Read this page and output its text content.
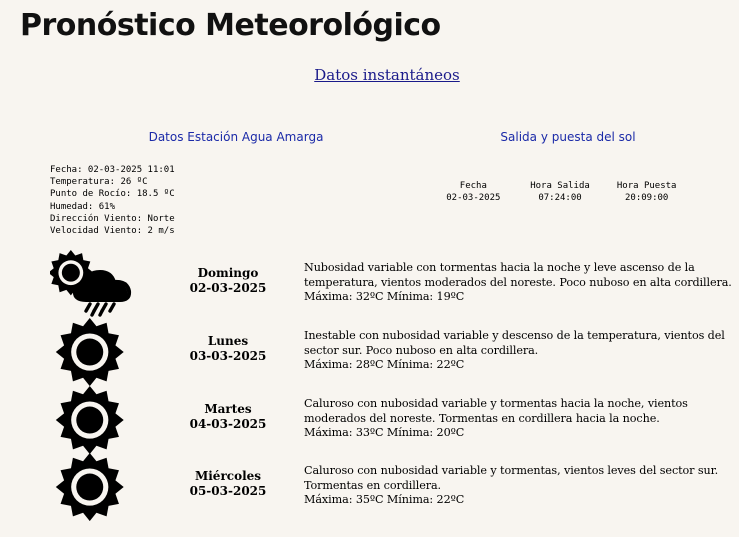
Pronóstico Meteorológico
Datos instantáneos
Datos Estación Agua Amarga	Salida y puesta del sol
Fecha: 02-03-2025 11:01
Temperatura: 26 ºC
Punto de Rocío: 18.5 ºC
Humedad: 61%
Dirección Viento: Norte
Velocidad Viento: 2 m/s
Fecha
02-03-2025
Hora Salida
07:24:00
Hora Puesta
20:09:00
Domingo
02-03-2025
Nubosidad variable con tormentas hacia la noche y leve ascenso de la temperatura, vientos moderados del noreste. Poco nuboso en alta cordillera.
Máxima: 32ºC Mínima: 19ºC
Lunes
03-03-2025
Inestable con nubosidad variable y descenso de la temperatura, vientos del sector sur. Poco nuboso en alta cordillera.
Máxima: 28ºC Mínima: 22ºC
Martes
04-03-2025
Caluroso con nubosidad variable y tormentas hacia la noche, vientos moderados del noreste. Tormentas en cordillera hacia la noche.
Máxima: 33ºC Mínima: 20ºC
Miércoles
05-03-2025
Caluroso con nubosidad variable y tormentas, vientos leves del sector sur. Tormentas en cordillera.
Máxima: 35ºC Mínima: 22ºC
